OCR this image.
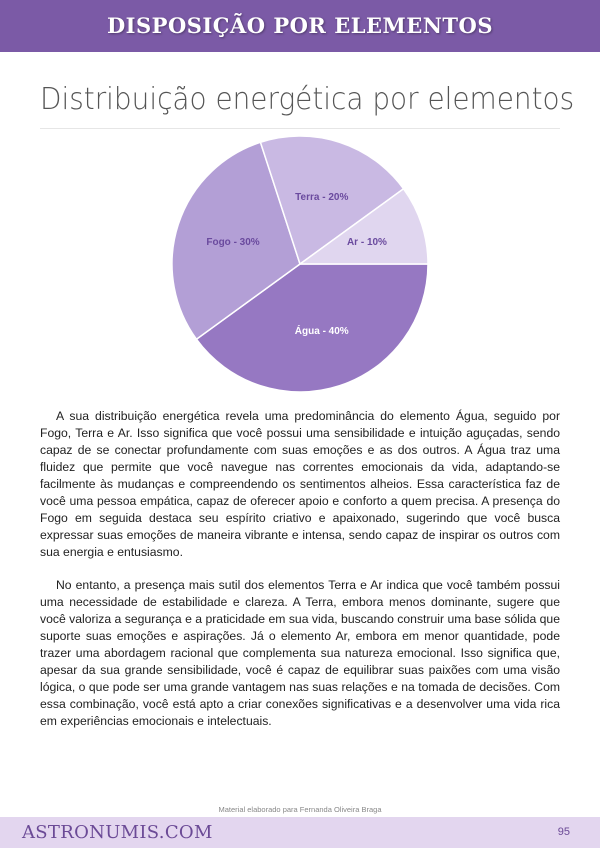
DISPOSIÇÃO POR ELEMENTOS
Distribuição energética por elementos
Água - 40%
Fogo - 30%
Terra - 20%
Ar - 10%

A sua distribuição energética revela uma predominância do elemento Água, seguido por Fogo, Terra e Ar. Isso significa que você possui uma sensibilidade e intuição aguçadas, sendo capaz de se conectar profundamente com suas emoções e as dos outros. A Água traz uma fluidez que permite que você navegue nas correntes emocionais da vida, adaptando-se facilmente às mudanças e compreendendo os sentimentos alheios. Essa característica faz de você uma pessoa empática, capaz de oferecer apoio e conforto a quem precisa. A presença do Fogo em seguida destaca seu espírito criativo e apaixonado, sugerindo que você busca expressar suas emoções de maneira vibrante e intensa, sendo capaz de inspirar os outros com sua energia e entusiasmo.

No entanto, a presença mais sutil dos elementos Terra e Ar indica que você também possui uma necessidade de estabilidade e clareza. A Terra, embora menos dominante, sugere que você valoriza a segurança e a praticidade em sua vida, buscando construir uma base sólida que suporte suas emoções e aspirações. Já o elemento Ar, embora em menor quantidade, pode trazer uma abordagem racional que complementa sua natureza emocional. Isso significa que, apesar da sua grande sensibilidade, você é capaz de equilibrar suas paixões com uma visão lógica, o que pode ser uma grande vantagem nas suas relações e na tomada de decisões. Com essa combinação, você está apto a criar conexões significativas e a desenvolver uma vida rica em experiências emocionais e intelectuais.

Material elaborado para Fernanda Oliveira Braga
ASTRONUMIS.COM	95
